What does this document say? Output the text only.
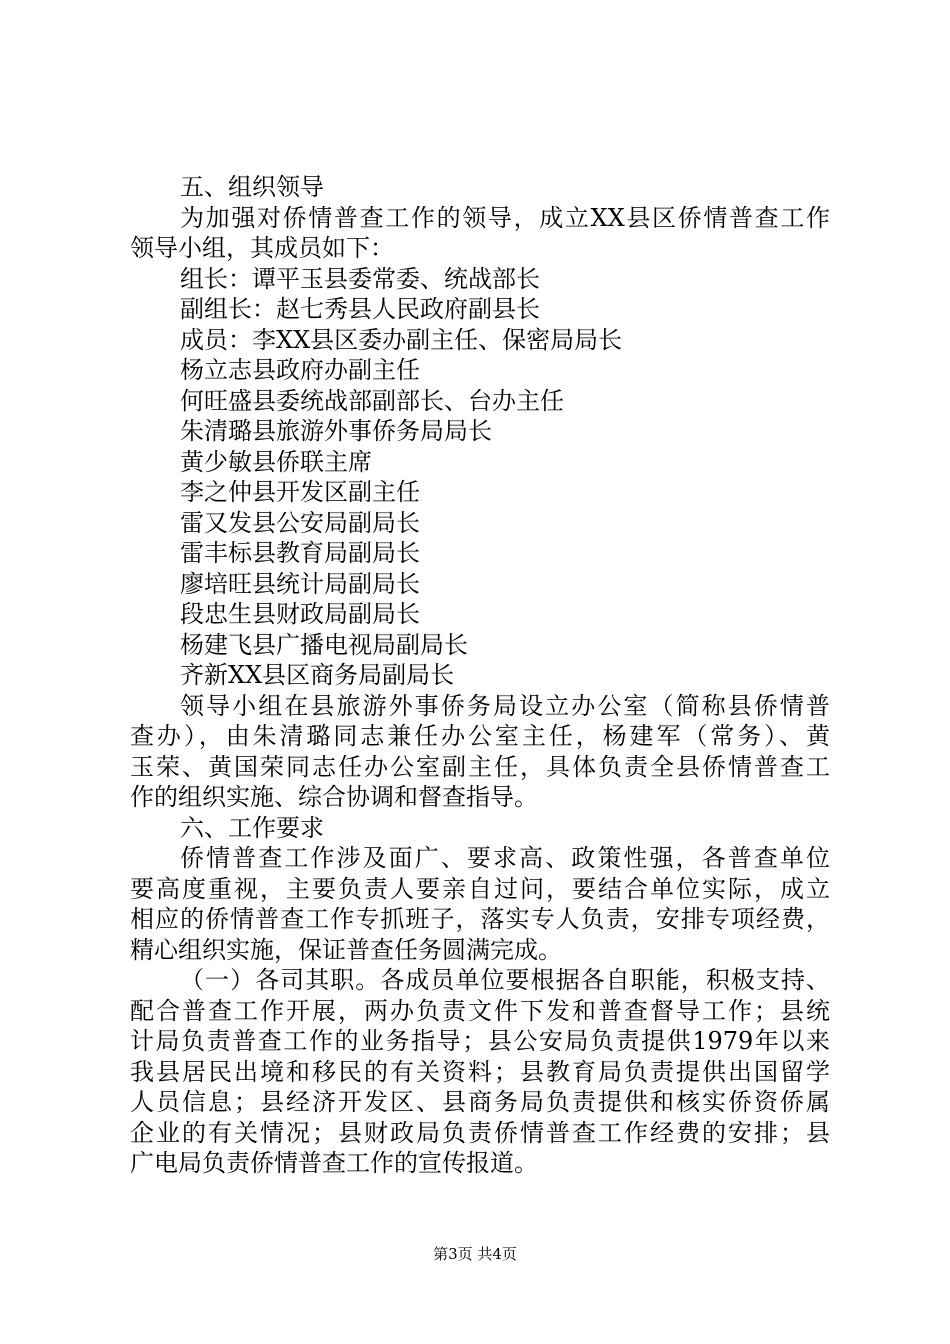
五、组织领导
为加强对侨情普查工作的领导，成立XX县区侨情普查工作
领导小组，其成员如下：
组长：谭平玉县委常委、统战部长
副组长：赵七秀县人民政府副县长
成员：李XX县区委办副主任、保密局局长
杨立志县政府办副主任
何旺盛县委统战部副部长、台办主任
朱清璐县旅游外事侨务局局长
黄少敏县侨联主席
李之仲县开发区副主任
雷又发县公安局副局长
雷丰标县教育局副局长
廖培旺县统计局副局长
段忠生县财政局副局长
杨建飞县广播电视局副局长
齐新XX县区商务局副局长
领导小组在县旅游外事侨务局设立办公室（简称县侨情普
查办），由朱清璐同志兼任办公室主任，杨建军（常务）、黄
玉荣、黄国荣同志任办公室副主任，具体负责全县侨情普查工
作的组织实施、综合协调和督查指导。
六、工作要求
侨情普查工作涉及面广、要求高、政策性强，各普查单位
要高度重视，主要负责人要亲自过问，要结合单位实际，成立
相应的侨情普查工作专抓班子，落实专人负责，安排专项经费，
精心组织实施，保证普查任务圆满完成。
（一）各司其职。各成员单位要根据各自职能，积极支持、
配合普查工作开展，两办负责文件下发和普查督导工作；县统
计局负责普查工作的业务指导；县公安局负责提供1979年以来
我县居民出境和移民的有关资料；县教育局负责提供出国留学
人员信息；县经济开发区、县商务局负责提供和核实侨资侨属
企业的有关情况；县财政局负责侨情普查工作经费的安排；县
广电局负责侨情普查工作的宣传报道。
第3页 共4页
